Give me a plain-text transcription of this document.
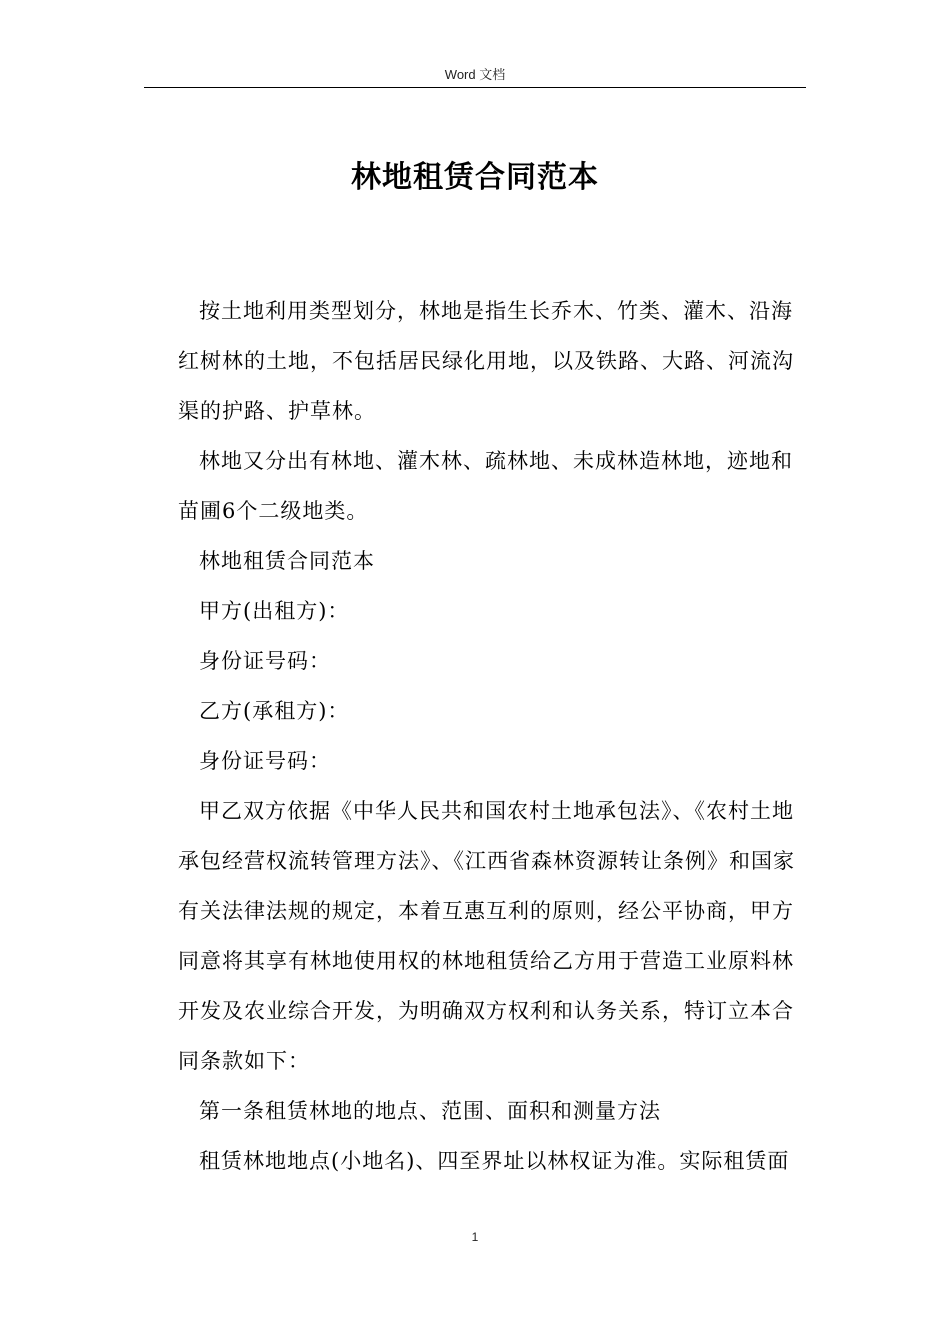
Word 文档
林地租赁合同范本

按土地利用类型划分，林地是指生长乔木、竹类、灌木、沿海红树林的土地，不包括居民绿化用地，以及铁路、大路、河流沟渠的护路、护草林。

林地又分出有林地、灌木林、疏林地、未成林造林地，迹地和苗圃6个二级地类。

林地租赁合同范本

甲方(出租方)：

身份证号码：

乙方(承租方)：

身份证号码：

甲乙双方依据《中华人民共和国农村土地承包法》、《农村土地承包经营权流转管理方法》、《江西省森林资源转让条例》和国家有关法律法规的规定，本着互惠互利的原则，经公平协商，甲方同意将其享有林地使用权的林地租赁给乙方用于营造工业原料林开发及农业综合开发，为明确双方权利和认务关系，特订立本合同条款如下：

第一条租赁林地的地点、范围、面积和测量方法

租赁林地地点(小地名)、四至界址以林权证为准。实际租赁面

1
